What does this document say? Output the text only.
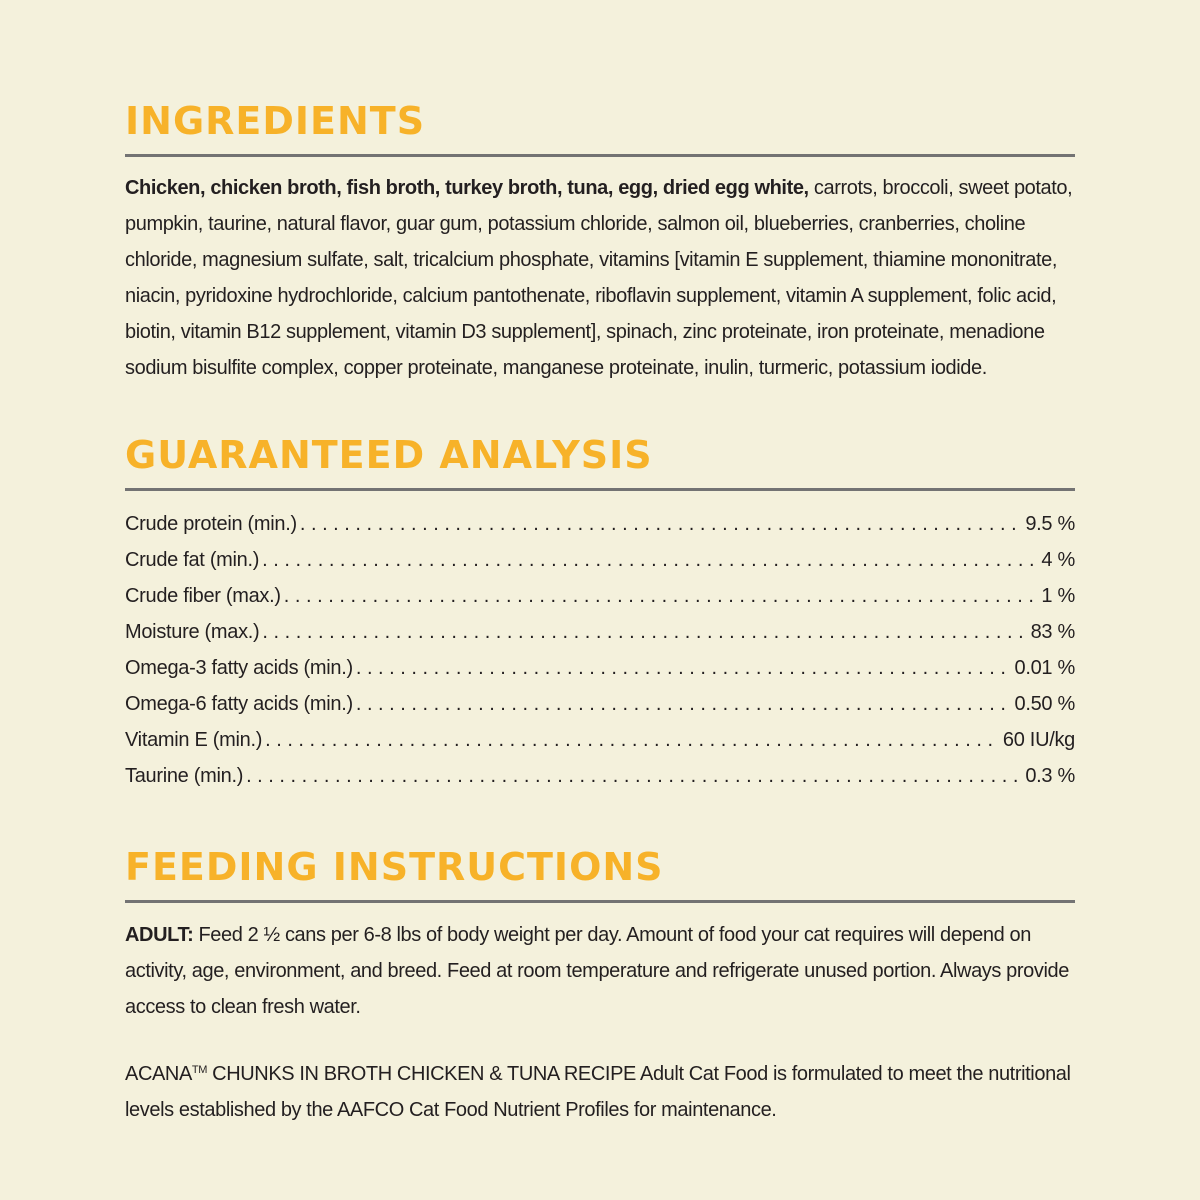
INGREDIENTS

Chicken, chicken broth, fish broth, turkey broth, tuna, egg, dried egg white, carrots, broccoli, sweet potato, pumpkin, taurine, natural flavor, guar gum, potassium chloride, salmon oil, blueberries, cranberries, choline chloride, magnesium sulfate, salt, tricalcium phosphate, vitamins [vitamin E supplement, thiamine mononitrate, niacin, pyridoxine hydrochloride, calcium pantothenate, riboflavin supplement, vitamin A supplement, folic acid, biotin, vitamin B12 supplement, vitamin D3 supplement], spinach, zinc proteinate, iron proteinate, menadione sodium bisulfite complex, copper proteinate, manganese proteinate, inulin, turmeric, potassium iodide.

GUARANTEED ANALYSIS
Crude protein (min.) . . .	9.5 %
Crude fat (min.) . . .	4 %
Crude fiber (max.) . . .	1 %
Moisture (max.) . . .	83 %
Omega-3 fatty acids (min.) . . .	0.01 %
Omega-6 fatty acids (min.) . . .	0.50 %
Vitamin E (min.) . . .	60 IU/kg
Taurine (min.) . . .	0.3 %
FEEDING INSTRUCTIONS

ADULT: Feed 2 ½ cans per 6-8 lbs of body weight per day. Amount of food your cat requires will depend on activity, age, environment, and breed. Feed at room temperature and refrigerate unused portion. Always provide access to clean fresh water.

ACANA™ CHUNKS IN BROTH CHICKEN & TUNA RECIPE Adult Cat Food is formulated to meet the nutritional levels established by the AAFCO Cat Food Nutrient Profiles for maintenance.
